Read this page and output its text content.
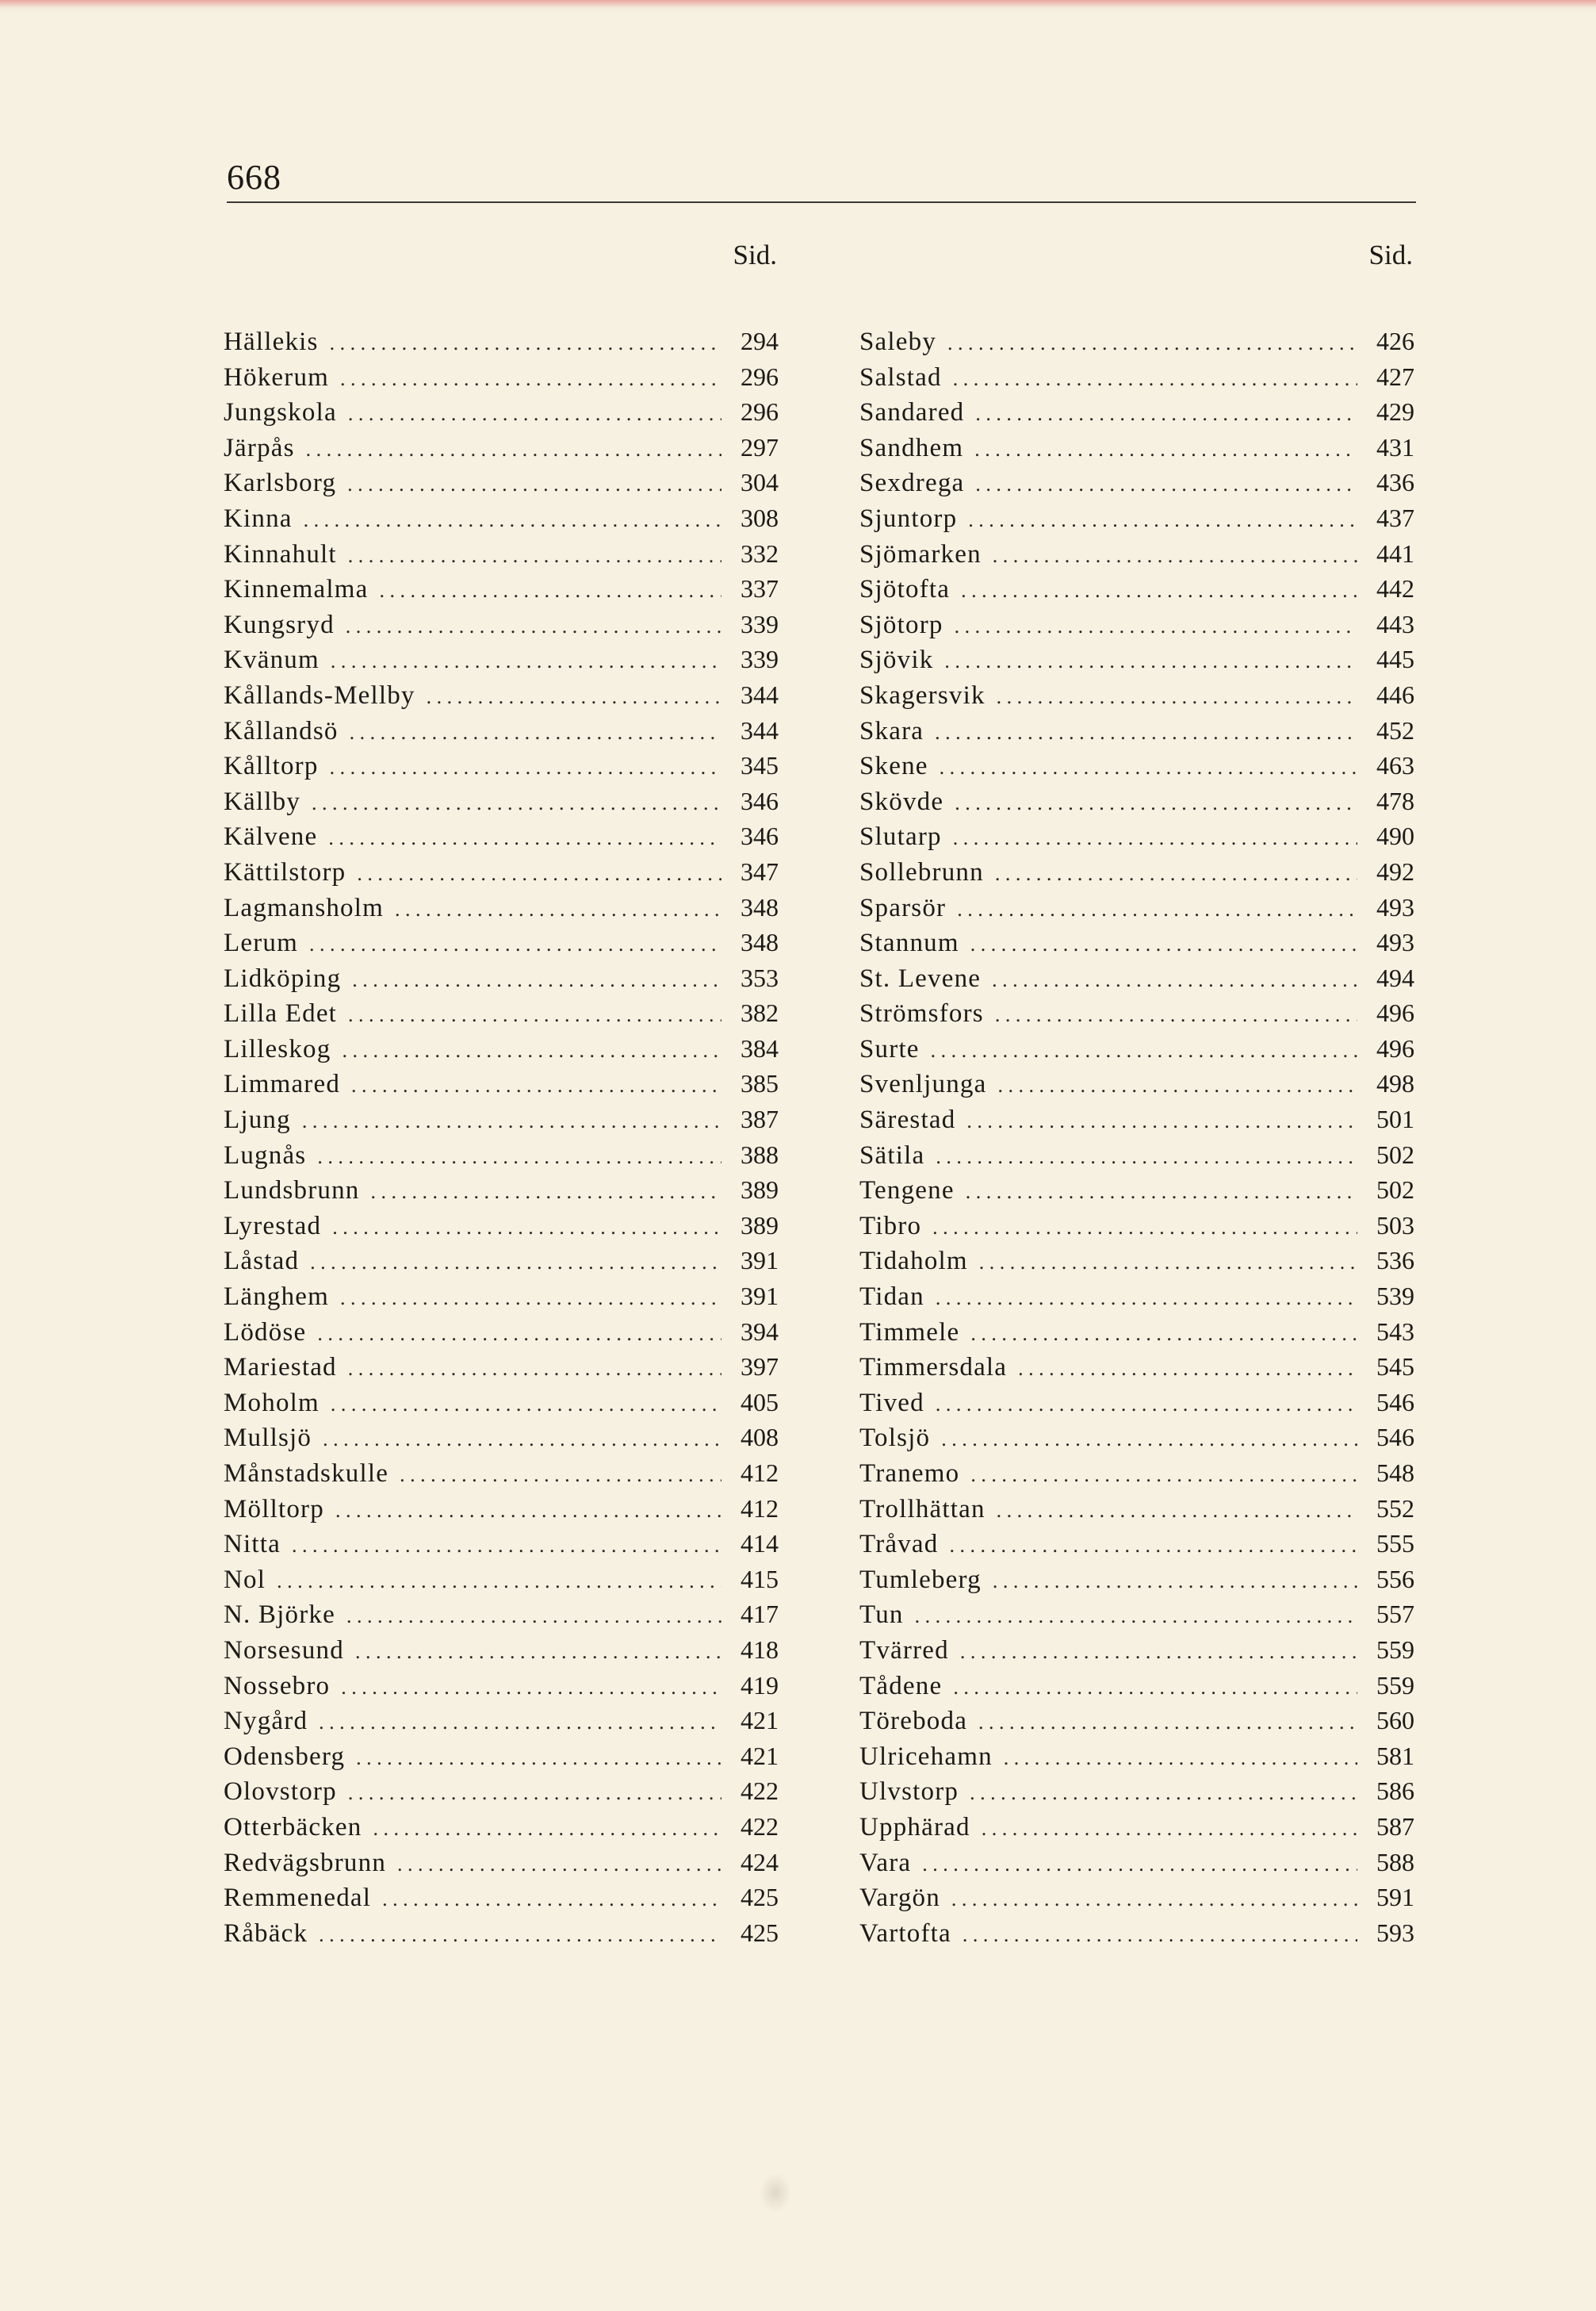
668
Sid.
Hällekis . . .	294
Hökerum . . .	296
Jungskola . . .	296
Järpås . . .	297
Karlsborg . . .	304
Kinna . . .	308
Kinnahult . . .	332
Kinnemalma . . .	337
Kungsryd . . .	339
Kvänum . . .	339
Kållands-Mellby . . .	344
Kållandsö . . .	344
Kålltorp . . .	345
Källby . . .	346
Kälvene . . .	346
Kättilstorp . . .	347
Lagmansholm . . .	348
Lerum . . .	348
Lidköping . . .	353
Lilla Edet . . .	382
Lilleskog . . .	384
Limmared . . .	385
Ljung . . .	387
Lugnås . . .	388
Lundsbrunn . . .	389
Lyrestad . . .	389
Låstad . . .	391
Länghem . . .	391
Lödöse . . .	394
Mariestad . . .	397
Moholm . . .	405
Mullsjö . . .	408
Månstadskulle . . .	412
Mölltorp . . .	412
Nitta . . .	414
Nol . . .	415
N. Björke . . .	417
Norsesund . . .	418
Nossebro . . .	419
Nygård . . .	421
Odensberg . . .	421
Olovstorp . . .	422
Otterbäcken . . .	422
Redvägsbrunn . . .	424
Remmenedal . . .	425
Råbäck . . .	425
Sid.
Saleby . . .	426
Salstad . . .	427
Sandared . . .	429
Sandhem . . .	431
Sexdrega . . .	436
Sjuntorp . . .	437
Sjömarken . . .	441
Sjötofta . . .	442
Sjötorp . . .	443
Sjövik . . .	445
Skagersvik . . .	446
Skara . . .	452
Skene . . .	463
Skövde . . .	478
Slutarp . . .	490
Sollebrunn . . .	492
Sparsör . . .	493
Stannum . . .	493
St. Levene . . .	494
Strömsfors . . .	496
Surte . . .	496
Svenljunga . . .	498
Särestad . . .	501
Sätila . . .	502
Tengene . . .	502
Tibro . . .	503
Tidaholm . . .	536
Tidan . . .	539
Timmele . . .	543
Timmersdala . . .	545
Tived . . .	546
Tolsjö . . .	546
Tranemo . . .	548
Trollhättan . . .	552
Tråvad . . .	555
Tumleberg . . .	556
Tun . . .	557
Tvärred . . .	559
Tådene . . .	559
Töreboda . . .	560
Ulricehamn . . .	581
Ulvstorp . . .	586
Upphärad . . .	587
Vara . . .	588
Vargön . . .	591
Vartofta . . .	593
